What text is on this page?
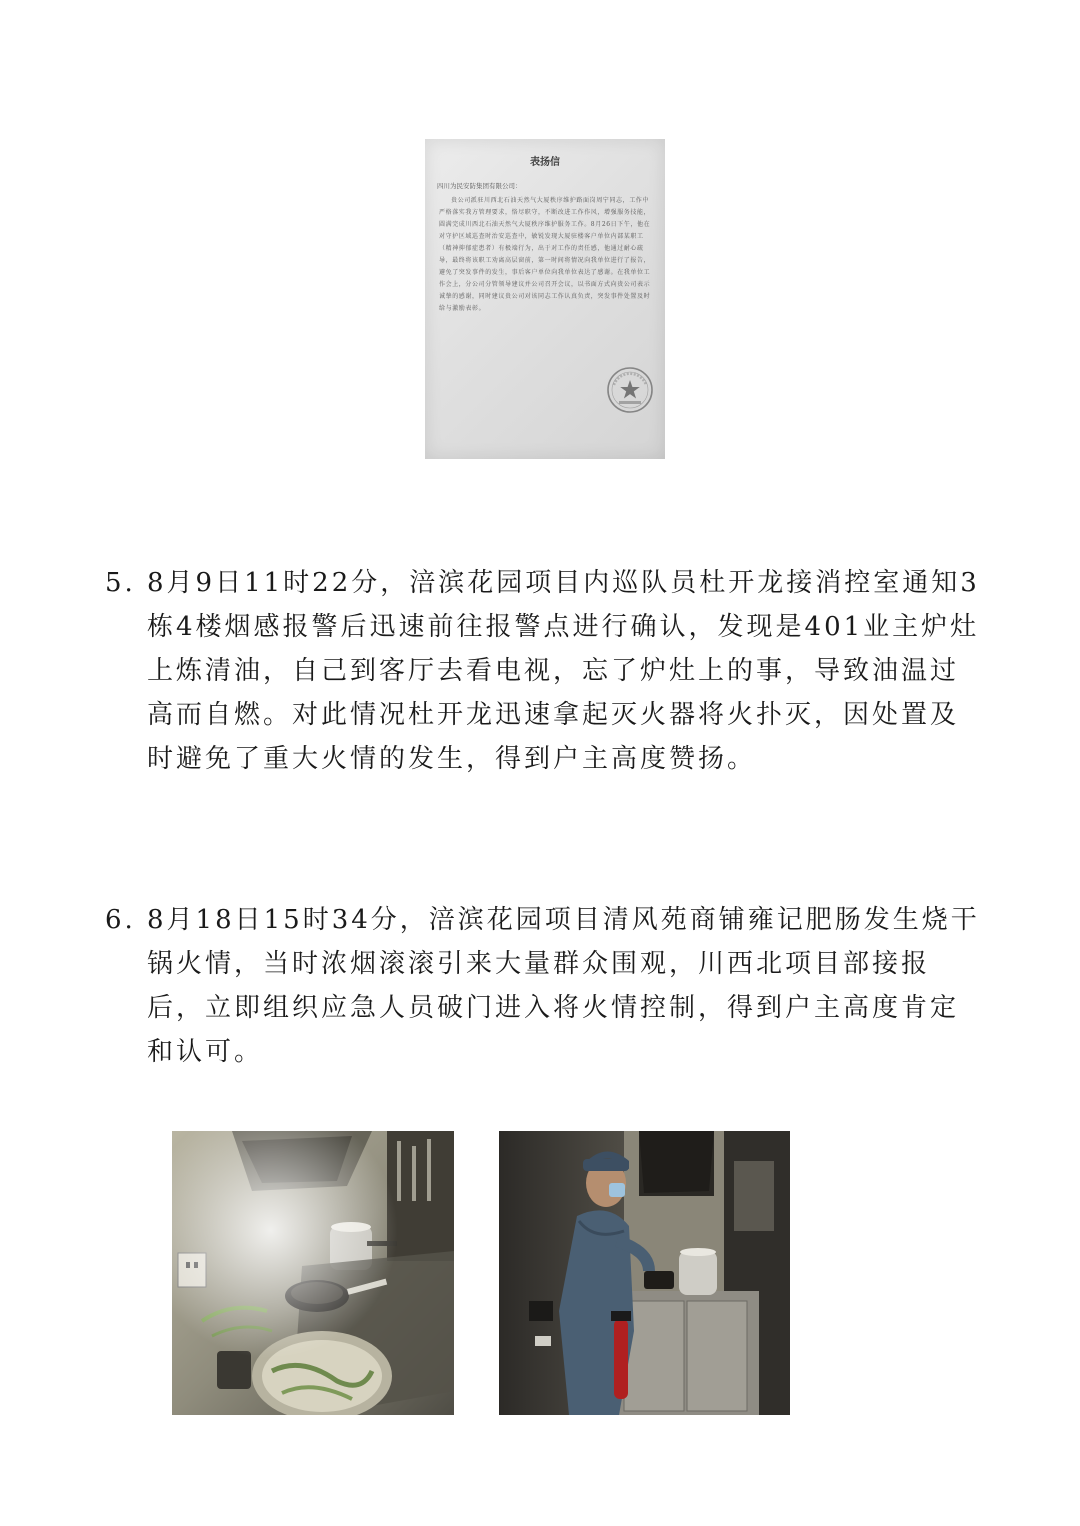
表扬信
四川为民安防集团有限公司：
贵公司派驻川西北石油天然气大厦秩序维护路面岗周宁同志，工作中严格落实我方管理要求，恪尽职守，不断改进工作作风，增强服务技能，圆满完成川西北石油天然气大厦秩序维护服务工作。8月26日下午，他在对守护区域巡查时治安巡查中，敏锐发现大厦驻楼客户单位内部某职工（精神抑郁症患者）有极端行为，出于对工作的责任感，他通过耐心疏导，最终将该职工劝离高层窗前，第一时间将情况向我单位进行了报告，避免了突发事件的发生，事后客户单位向我单位表达了感谢。在我单位工作会上，分公司分管领导建议并公司召开会议，以书面方式向贵公司表示诚挚的感谢，同时建议贵公司对该同志工作认真负责，突发事件处置及时给与激励表彰。
5. 8月9日11时22分，涪滨花园项目内巡队员杜开龙接消控室通知3栋4楼烟感报警后迅速前往报警点进行确认，发现是401业主炉灶上炼清油，自己到客厅去看电视，忘了炉灶上的事，导致油温过高而自燃。对此情况杜开龙迅速拿起灭火器将火扑灭，因处置及时避免了重大火情的发生，得到户主高度赞扬。
6. 8月18日15时34分，涪滨花园项目清风苑商铺雍记肥肠发生烧干锅火情，当时浓烟滚滚引来大量群众围观，川西北项目部接报后，立即组织应急人员破门进入将火情控制，得到户主高度肯定和认可。
